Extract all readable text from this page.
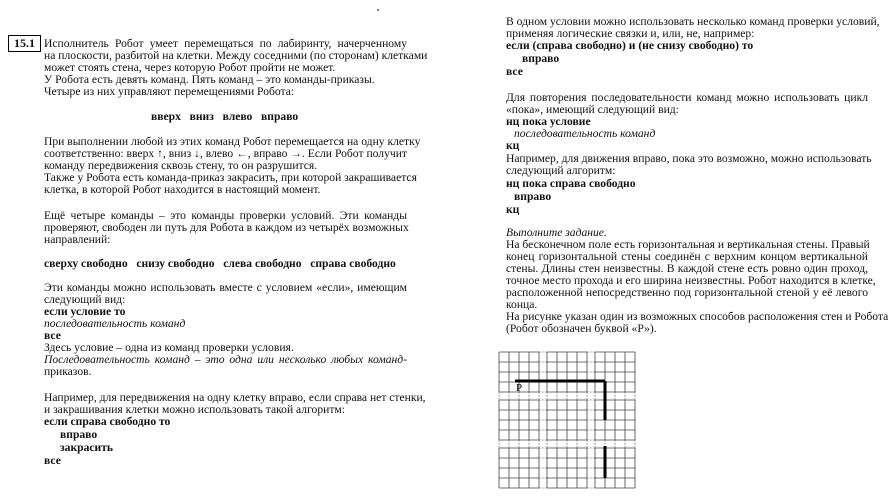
15.1 Исполнитель Робот умеет перемещаться по лабиринту, начерченному
на плоскости, разбитой на клетки. Между соседними (по сторонам) клетками
может стоять стена, через которую Робот пройти не может.
У Робота есть девять команд. Пять команд – это команды-приказы.
Четыре из них управляют перемещениями Робота:
вверх   вниз   влево   вправо
При выполнении любой из этих команд Робот перемещается на одну клетку
соответственно: вверх ↑, вниз ↓, влево ←, вправо →. Если Робот получит
команду передвижения сквозь стену, то он разрушится.
Также у Робота есть команда-приказ закрасить, при которой закрашивается
клетка, в которой Робот находится в настоящий момент.
Ещё четыре команды – это команды проверки условий. Эти команды
проверяют, свободен ли путь для Робота в каждом из четырёх возможных
направлений:
сверху свободно   снизу свободно   слева свободно   справа свободно
Эти команды можно использовать вместе с условием «если», имеющим
следующий вид:
если условие то
последовательность команд
все
Здесь условие – одна из команд проверки условия.
Последовательность команд – это одна или несколько любых команд-
приказов.
Например, для передвижения на одну клетку вправо, если справа нет стенки,
и закрашивания клетки можно использовать такой алгоритм:
если справа свободно то
вправо
закрасить
все
В одном условии можно использовать несколько команд проверки условий,
применяя логические связки и, или, не, например:
если (справа свободно) и (не снизу свободно) то
вправо
все
Для повторения последовательности команд можно использовать цикл
«пока», имеющий следующий вид:
нц пока условие
последовательность команд
кц
Например, для движения вправо, пока это возможно, можно использовать
следующий алгоритм:
нц пока справа свободно
вправо
кц
Выполните задание.
На бесконечном поле есть горизонтальная и вертикальная стены. Правый
конец горизонтальной стены соединён с верхним концом вертикальной
стены. Длины стен неизвестны. В каждой стене есть ровно один проход,
точное место прохода и его ширина неизвестны. Робот находится в клетке,
расположенной непосредственно под горизонтальной стеной у её левого
конца.
На рисунке указан один из возможных способов расположения стен и Робота
(Робот обозначен буквой «Р»).
Р
